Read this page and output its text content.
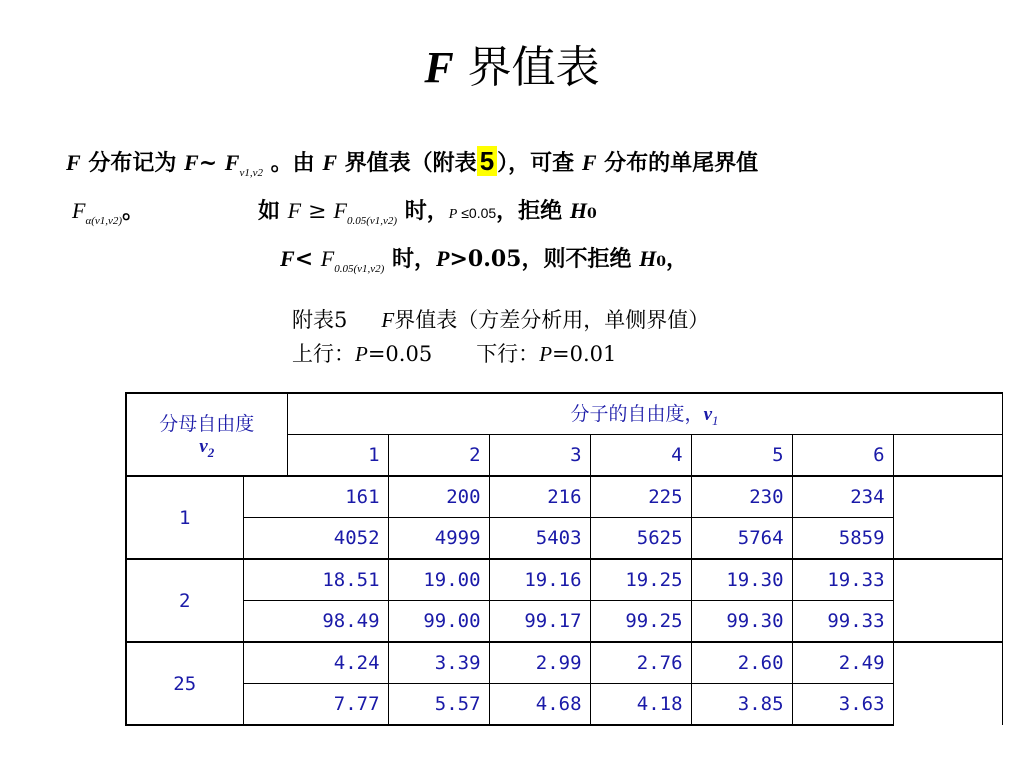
F 界值表
F 分布记为 F~ $F_{\nu 1,\nu 2}$ 。由 F 界值表（附表 5 ），可查 F 分布的单尾界值
$F_{\alpha(\nu 1,\nu 2)}$。	如 $F \ge F_{0.05(\nu 1,\nu 2)}$ 时，P ≤0.05，拒绝 H0
$F< F_{0.05(\nu 1,\nu 2)}$ 时，P>0.05，则不拒绝 H0，
附表5 F界值表（方差分析用，单侧界值）
上行：P=0.05 下行：P=0.01
分母自由度
$\nu_2$		分子的自由度，$\nu_1$
		1	2	3	4	5	6	
1	161		200	216	225	230	234	
	4052		4999	5403	5625	5764	5859	
2	18.51		19.00	19.16	19.25	19.30	19.33	
	98.49		99.00	99.17	99.25	99.30	99.33	
25	4.24		3.39	2.99	2.76	2.60	2.49	
	7.77		5.57	4.68	4.18	3.85	3.63	
